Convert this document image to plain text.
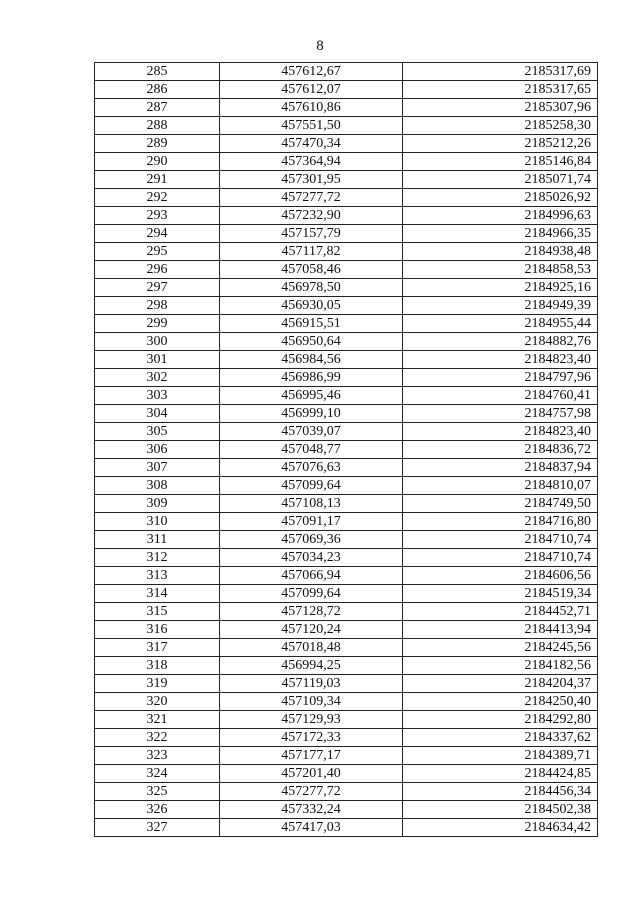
8
285	457612,67	2185317,69
286	457612,07	2185317,65
287	457610,86	2185307,96
288	457551,50	2185258,30
289	457470,34	2185212,26
290	457364,94	2185146,84
291	457301,95	2185071,74
292	457277,72	2185026,92
293	457232,90	2184996,63
294	457157,79	2184966,35
295	457117,82	2184938,48
296	457058,46	2184858,53
297	456978,50	2184925,16
298	456930,05	2184949,39
299	456915,51	2184955,44
300	456950,64	2184882,76
301	456984,56	2184823,40
302	456986,99	2184797,96
303	456995,46	2184760,41
304	456999,10	2184757,98
305	457039,07	2184823,40
306	457048,77	2184836,72
307	457076,63	2184837,94
308	457099,64	2184810,07
309	457108,13	2184749,50
310	457091,17	2184716,80
311	457069,36	2184710,74
312	457034,23	2184710,74
313	457066,94	2184606,56
314	457099,64	2184519,34
315	457128,72	2184452,71
316	457120,24	2184413,94
317	457018,48	2184245,56
318	456994,25	2184182,56
319	457119,03	2184204,37
320	457109,34	2184250,40
321	457129,93	2184292,80
322	457172,33	2184337,62
323	457177,17	2184389,71
324	457201,40	2184424,85
325	457277,72	2184456,34
326	457332,24	2184502,38
327	457417,03	2184634,42
